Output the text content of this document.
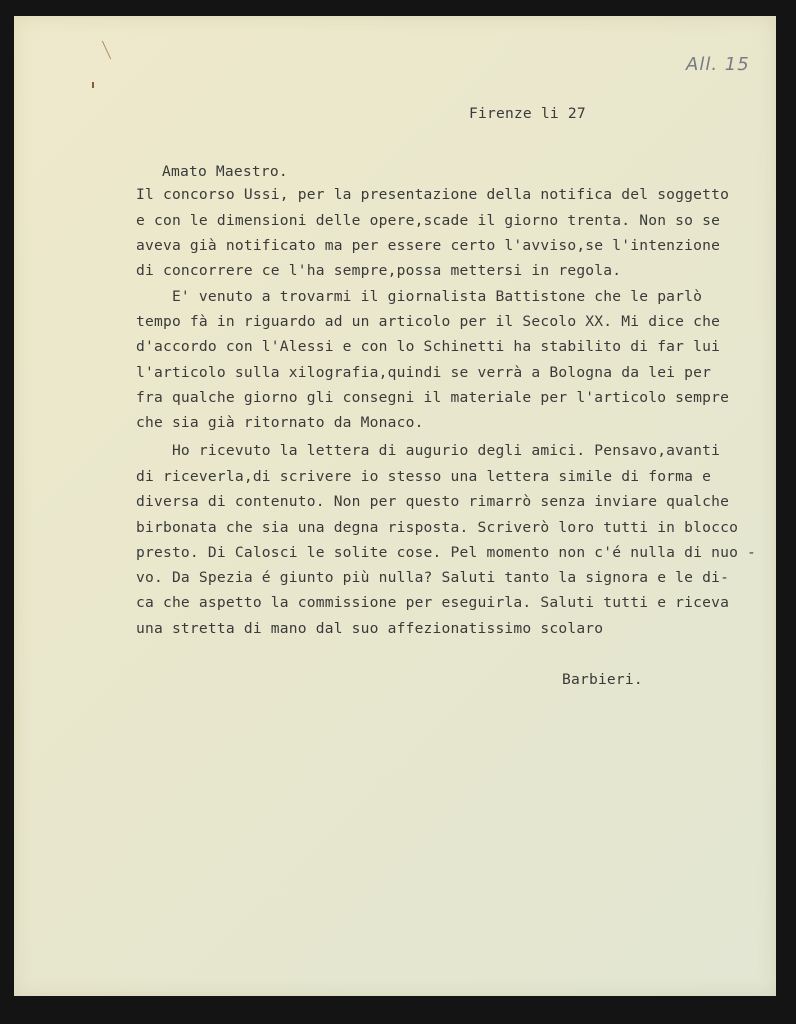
All. 15
Firenze li 27
Amato Maestro.
Il concorso Ussi, per la presentazione della notifica del soggetto
e con le dimensioni delle opere,scade il giorno trenta. Non so se
aveva già notificato ma per essere certo l'avviso,se l'intenzione
di concorrere ce l'ha sempre,possa mettersi in regola.
E' venuto a trovarmi il giornalista Battistone che le parlò
tempo fà in riguardo ad un articolo per il Secolo XX. Mi dice che
d'accordo con l'Alessi e con lo Schinetti ha stabilito di far lui
l'articolo sulla xilografia,quindi se verrà a Bologna da lei per
fra qualche giorno gli consegni il materiale per l'articolo sempre
che sia già ritornato da Monaco.
Ho ricevuto la lettera di augurio degli amici. Pensavo,avanti
di riceverla,di scrivere io stesso una lettera simile di forma e
diversa di contenuto. Non per questo rimarrò senza inviare qualche
birbonata che sia una degna risposta. Scriverò loro tutti in blocco
presto. Di Calosci le solite cose. Pel momento non c'é nulla di nuo -
vo. Da Spezia é giunto più nulla? Saluti tanto la signora e le di-
ca che aspetto la commissione per eseguirla. Saluti tutti e riceva
una stretta di mano dal suo affezionatissimo scolaro
Barbieri.
